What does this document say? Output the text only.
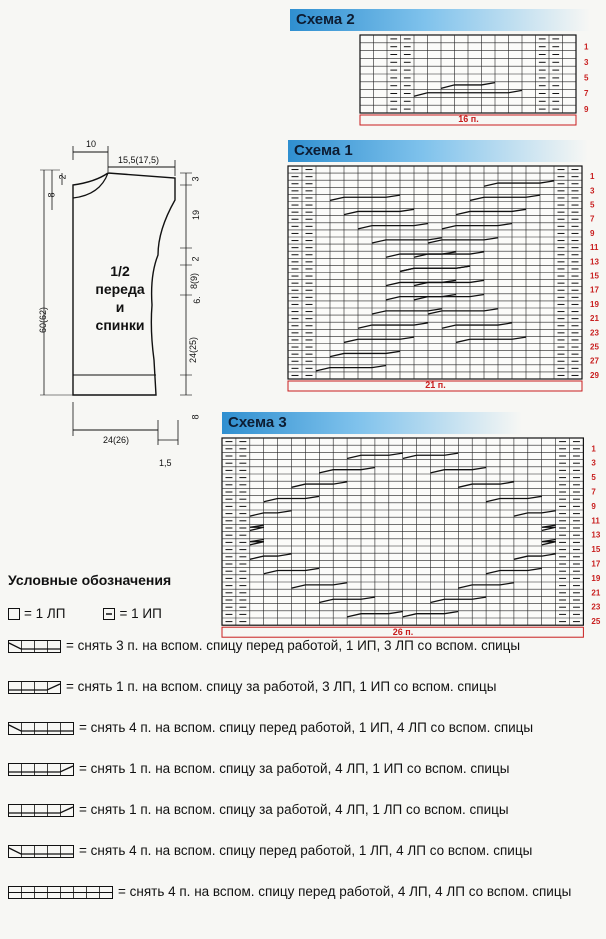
Схема 2
9
7
5
3
1
16 п.
Схема 1
29
27
25
23
21
19
17
15
13
11
9
7
5
3
1
21 п.
Схема 3
25
23
21
19
17
15
13
11
9
7
5
3
1
26 п.
1/2
переда
и
спинки
10
15,5(17,5)
2
8
60(62)
3
19
2
8(9)
6.
24(25)
8
24(26)
1,5
Условные обозначения
= 1 ЛП	= 1 ИП
= снять 3 п. на вспом. спицу перед работой, 1 ИП, 3 ЛП со вспом. спицы
= снять 1 п. на вспом. спицу за работой, 3 ЛП, 1 ИП со вспом. спицы
= снять 4 п. на вспом. спицу перед работой, 1 ИП, 4 ЛП со вспом. спицы
= снять 1 п. на вспом. спицу за работой, 4 ЛП, 1 ИП со вспом. спицы
= снять 1 п. на вспом. спицу за работой, 4 ЛП, 1 ЛП со вспом. спицы
= снять 4 п. на вспом. спицу перед работой, 1 ЛП, 4 ЛП со вспом. спицы
= снять 4 п. на вспом. спицу перед работой, 4 ЛП, 4 ЛП со вспом. спицы
